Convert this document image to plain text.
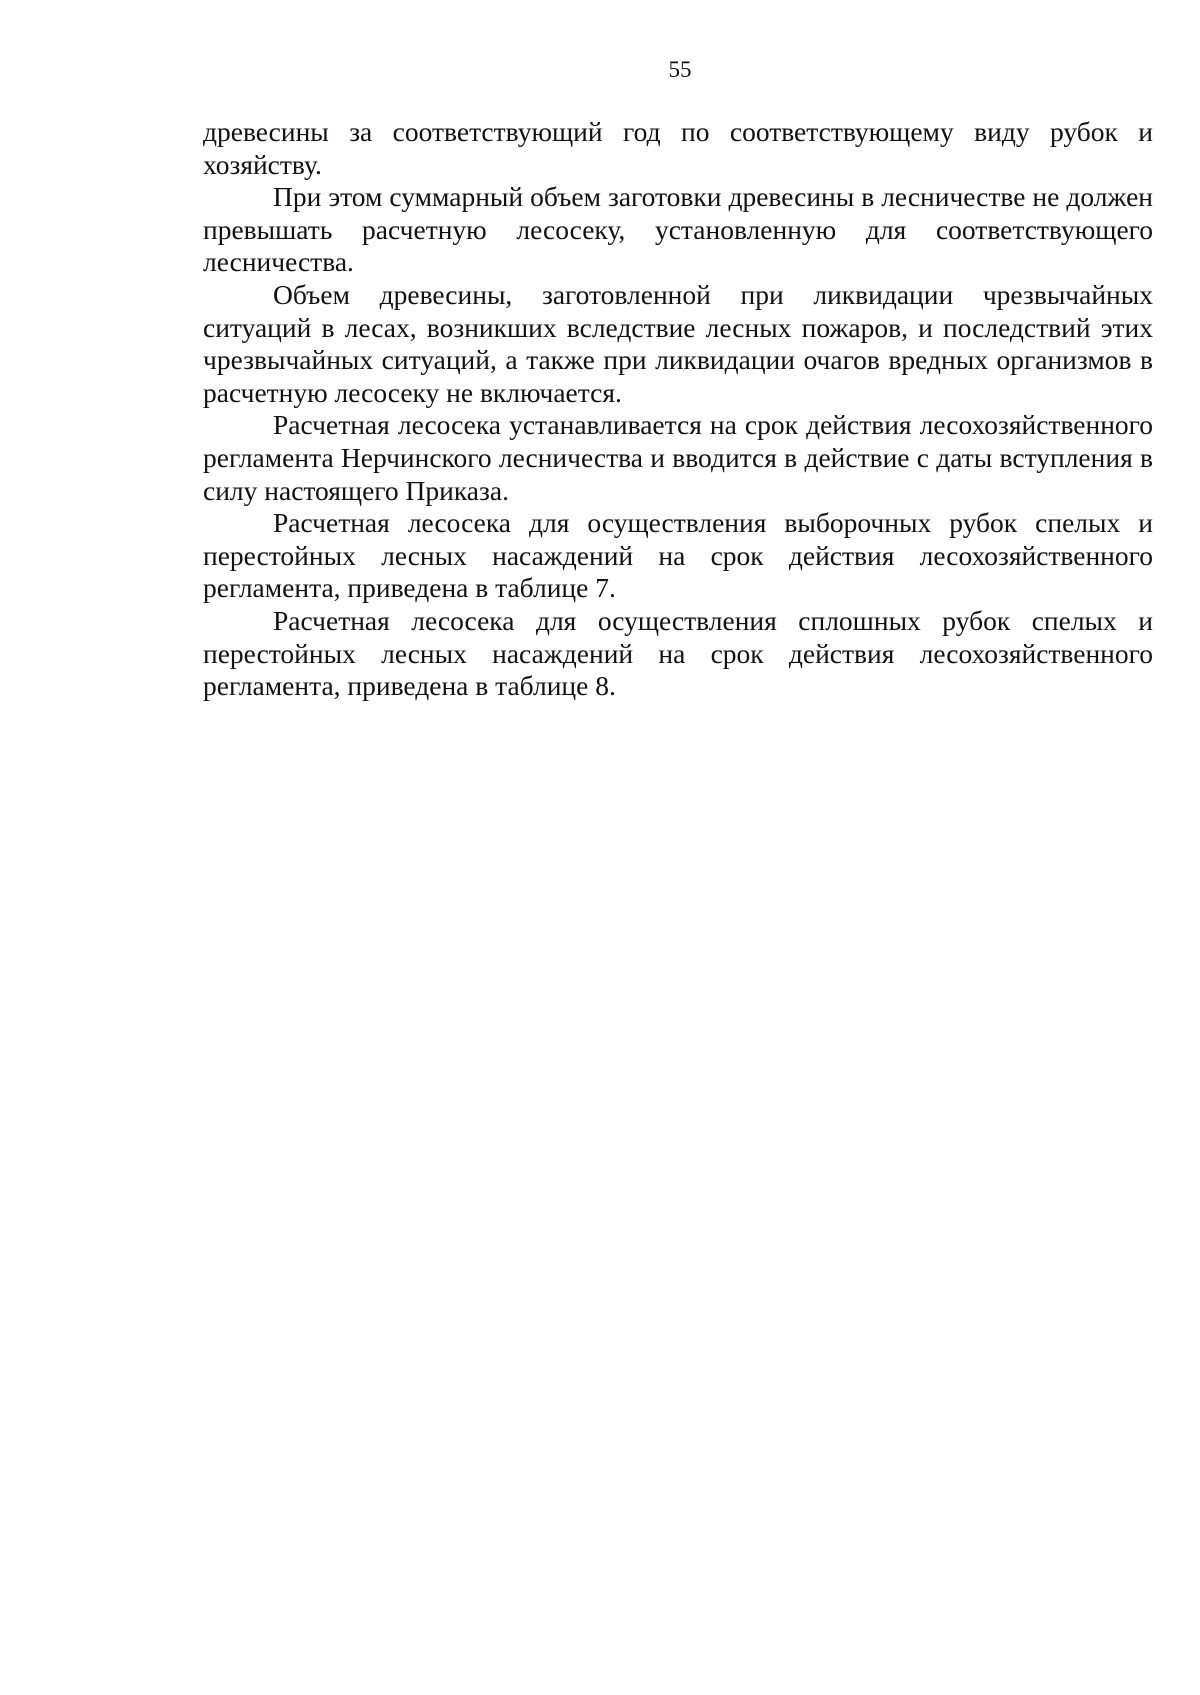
55

древесины за соответствующий год по соответствующему виду рубок и хозяйству.

При этом суммарный объем заготовки древесины в лесничестве не должен превышать расчетную лесосеку, установленную для соответствующего лесничества.

Объем древесины, заготовленной при ликвидации чрезвычайных ситуаций в лесах, возникших вследствие лесных пожаров, и последствий этих чрезвычайных ситуаций, а также при ликвидации очагов вредных организмов в расчетную лесосеку не включается.

Расчетная лесосека устанавливается на срок действия лесохозяйственного регламента Нерчинского лесничества и вводится в действие с даты вступления в силу настоящего Приказа.

Расчетная лесосека для осуществления выборочных рубок спелых и перестойных лесных насаждений на срок действия лесохозяйственного регламента, приведена в таблице 7.

Расчетная лесосека для осуществления сплошных рубок спелых и перестойных лесных насаждений на срок действия лесохозяйственного регламента, приведена в таблице 8.
